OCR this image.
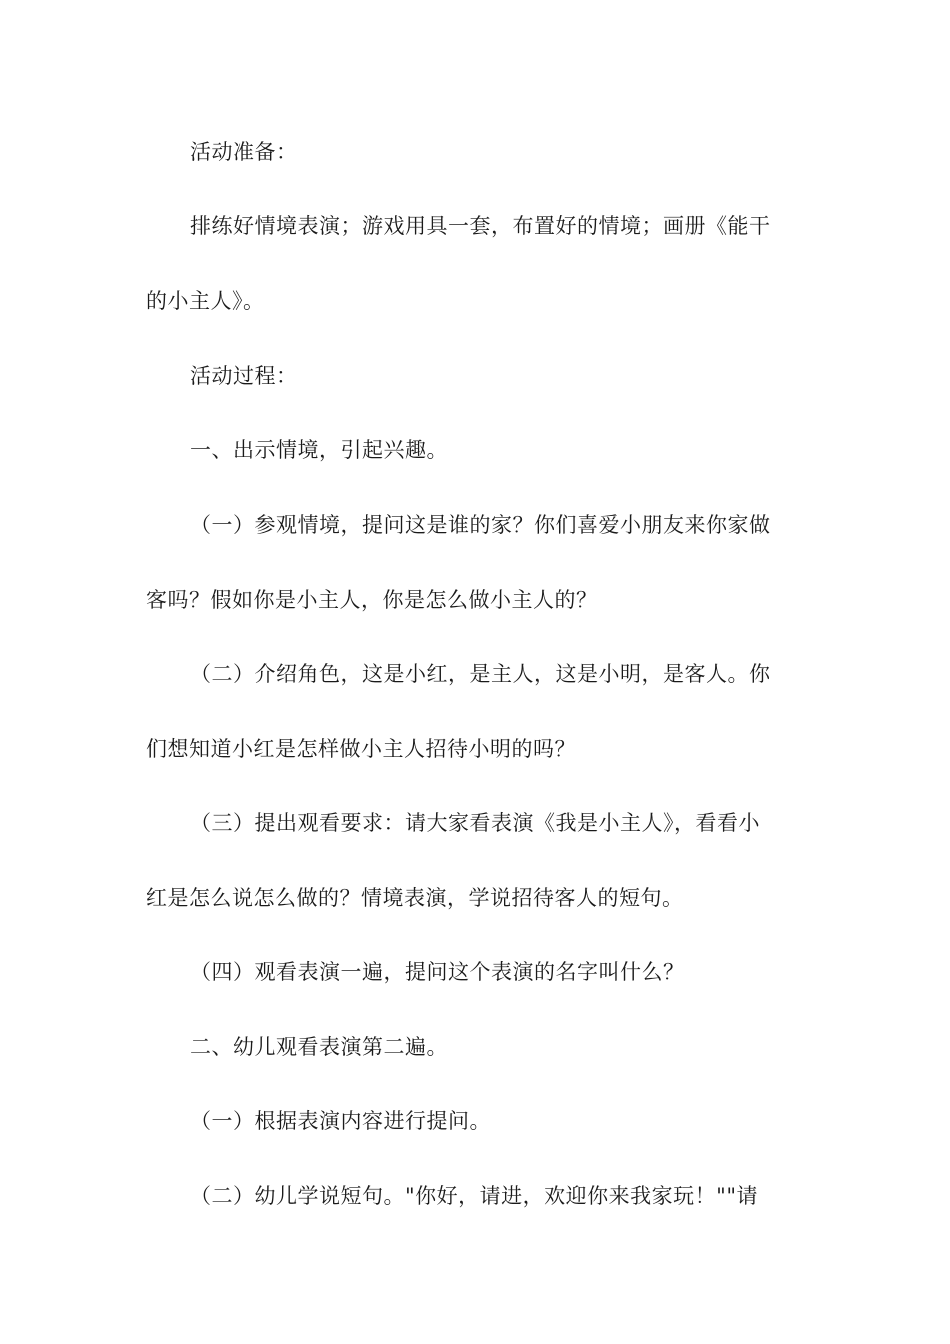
活动准备：
排练好情境表演；游戏用具一套，布置好的情境；画册《能干
的小主人》。
活动过程：
一、出示情境，引起兴趣。
（一）参观情境，提问这是谁的家？你们喜爱小朋友来你家做
客吗？假如你是小主人，你是怎么做小主人的？
（二）介绍角色，这是小红，是主人，这是小明，是客人。你
们想知道小红是怎样做小主人招待小明的吗？
（三）提出观看要求：请大家看表演《我是小主人》，看看小
红是怎么说怎么做的？情境表演，学说招待客人的短句。
（四）观看表演一遍，提问这个表演的名字叫什么？
二、幼儿观看表演第二遍。
（一）根据表演内容进行提问。
（二）幼儿学说短句。"你好，请进，欢迎你来我家玩！""请
